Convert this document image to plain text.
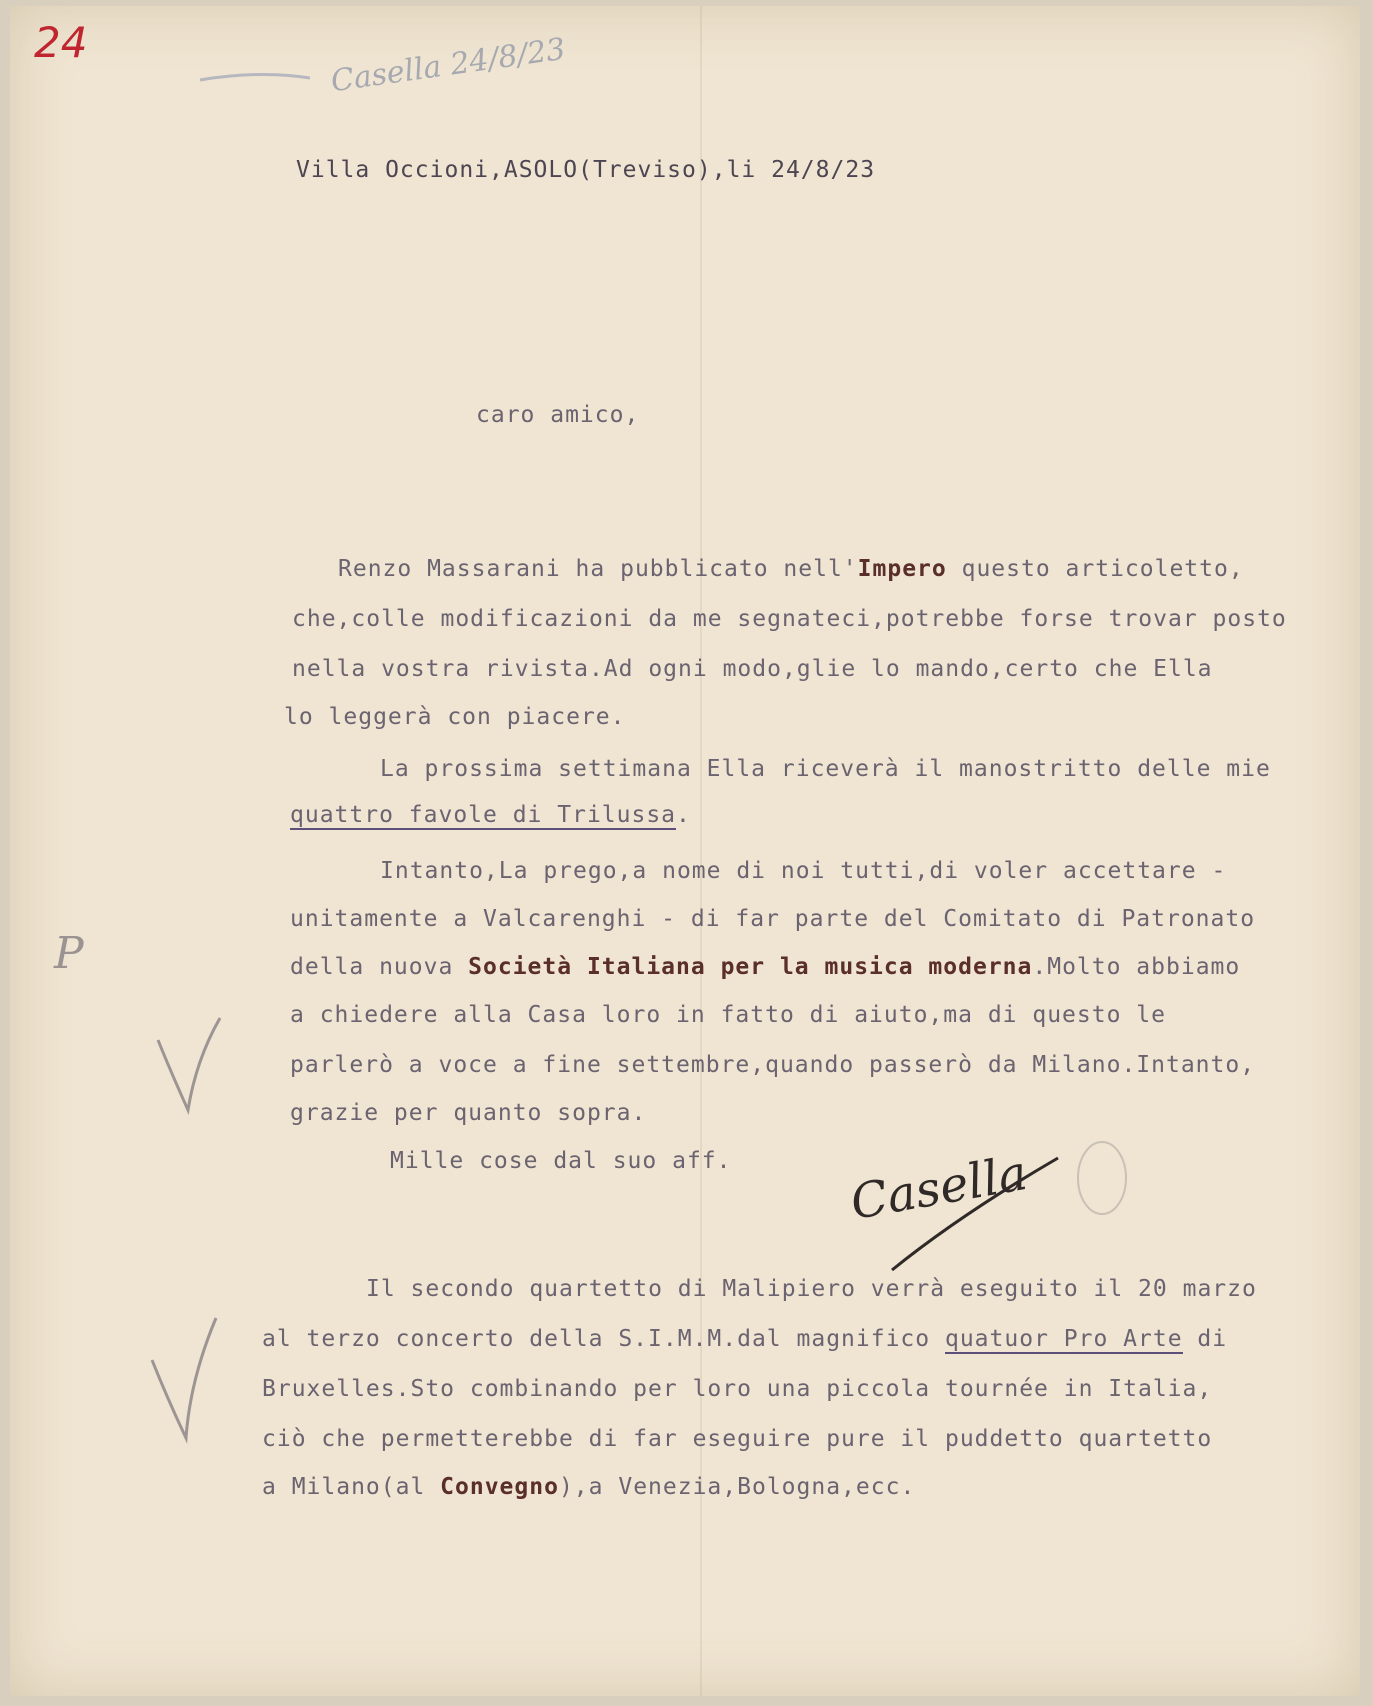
24	Casella 24/8/23
P
Villa Occioni,ASOLO(Treviso),li 24/8/23
caro amico,
Renzo Massarani ha pubblicato nell'Impero questo articoletto,
che,colle modificazioni da me segnateci,potrebbe forse trovar posto
nella vostra rivista.Ad ogni modo,glie lo mando,certo che Ella
lo leggerà con piacere.
La prossima settimana Ella riceverà il manostritto delle mie
quattro favole di Trilussa.
Intanto,La prego,a nome di noi tutti,di voler accettare -
unitamente a Valcarenghi - di far parte del Comitato di Patronato
della nuova Società Italiana per la musica moderna.Molto abbiamo
a chiedere alla Casa loro in fatto di aiuto,ma di questo le
parlerò a voce a fine settembre,quando passerò da Milano.Intanto,
grazie per quanto sopra.
Mille cose dal suo aff. Casella
Il secondo quartetto di Malipiero verrà eseguito il 20 marzo
al terzo concerto della S.I.M.M.dal magnifico quatuor Pro Arte di
Bruxelles.Sto combinando per loro una piccola tournée in Italia,
ciò che permetterebbe di far eseguire pure il puddetto quartetto
a Milano(al Convegno),a Venezia,Bologna,ecc.
